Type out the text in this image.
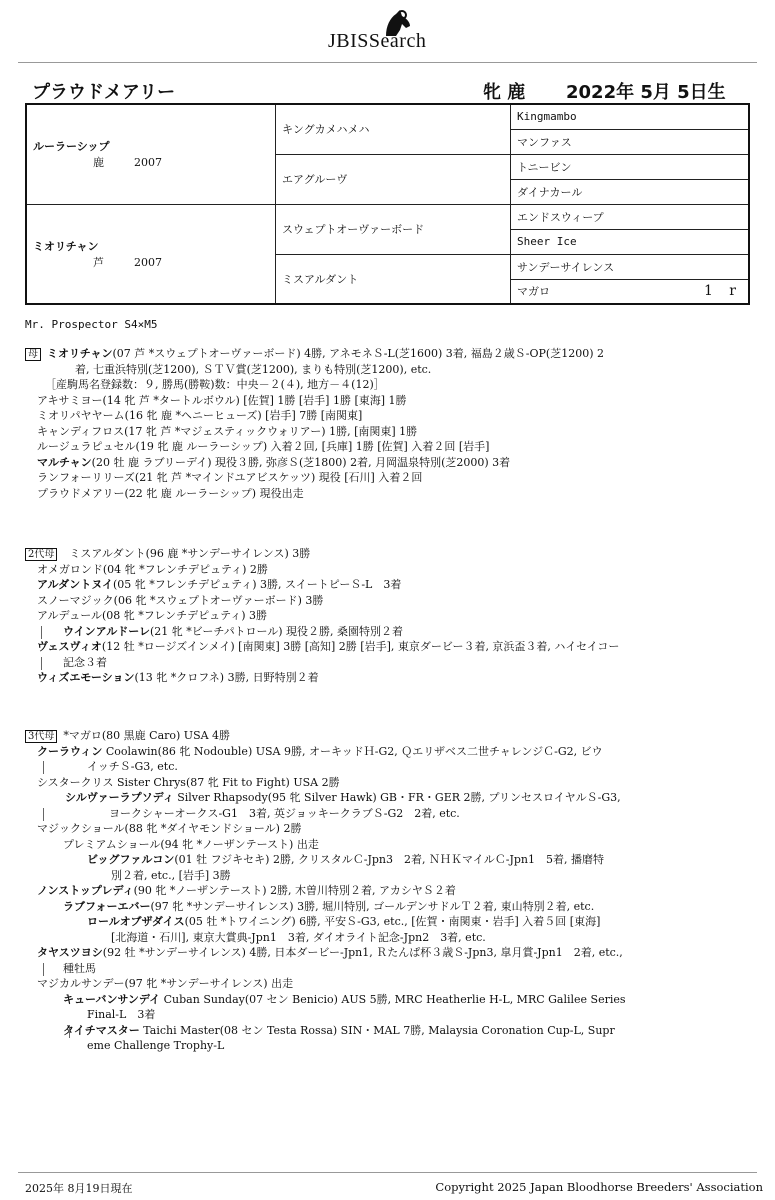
JBISSearch
プラウドメアリー	牝 鹿 2022年 5月 5日生
ルーラーシップ
鹿 2007	キングカメハメハ	Kingmambo
		マンファス
	エアグルーヴ	トニービン
		ダイナカール

ミオリチャン
芦 2007	スウェプトオーヴァーボード	エンドスウィープ
		Sheer Ice
	ミスアルダント	サンデーサイレンス
		マガロ 1 r
Mr. Prospector S4×M5
母 ミオリチャン(07 芦 *スウェプトオーヴァーボード) 4勝, アネモネＳ-L(芝1600) 3着, 福島２歳Ｓ-OP(芝1200) 2
着, 七重浜特別(芝1200), ＳＴＶ賞(芝1200), まりも特別(芝1200), etc.
［産駒馬名登録数：９, 勝馬(勝鞍)数：中央－２(４), 地方－４(12)］
アキサミヨー(14 牝 芦 *タートルボウル) [佐賀] 1勝 [岩手] 1勝 [東海] 1勝
ミオリパヤヤーム(16 牝 鹿 *ヘニーヒューズ) [岩手] 7勝 [南関東]
キャンディフロス(17 牝 芦 *マジェスティックウォリアー) 1勝, [南関東] 1勝
ルージュラピュセル(19 牝 鹿 ルーラーシップ) 入着２回, [兵庫] 1勝 [佐賀] 入着２回 [岩手]
マルチャン(20 牡 鹿 ラブリーデイ) 現役３勝, 弥彦Ｓ(芝1800) 2着, 月岡温泉特別(芝2000) 3着
ランフォーリリーズ(21 牝 芦 *マインドユアビスケッツ) 現役 [石川] 入着２回
プラウドメアリー(22 牝 鹿 ルーラーシップ) 現役出走
2代母 ミスアルダント(96 鹿 *サンデーサイレンス) 3勝
オメガロンド(04 牝 *フレンチデピュティ) 2勝
アルダントヌイ(05 牝 *フレンチデピュティ) 3勝, スイートピーＳ-L　3着
スノーマジック(06 牝 *スウェプトオーヴァーボード) 3勝
アルデュール(08 牝 *フレンチデピュティ) 3勝
ウインアルドーレ(21 牝 *ビーチパトロール) 現役２勝, 桑園特別２着
ヴェスヴィオ(12 牡 *ロージズインメイ) [南関東] 3勝 [高知] 2勝 [岩手], 東京ダービー３着, 京浜盃３着, ハイセイコー
記念３着
ウィズエモーション(13 牝 *クロフネ) 3勝, 日野特別２着
3代母 *マガロ(80 黒鹿 Caro) USA 4勝
クーラウィン Coolawin(86 牝 Nodouble) USA 9勝, オーキッドＨ-G2, Ｑエリザベス二世チャレンジＣ-G2, ビウ
イッチＳ-G3, etc.
シスタークリス Sister Chrys(87 牝 Fit to Fight) USA 2勝
シルヴァーラプソディ Silver Rhapsody(95 牝 Silver Hawk) GB・FR・GER 2勝, プリンセスロイヤルＳ-G3,
ヨークシャーオークス-G1　3着, 英ジョッキークラブＳ-G2　2着, etc.
マジックショール(88 牝 *ダイヤモンドショール) 2勝
プレミアムショール(94 牝 *ノーザンテースト) 出走
ビッグファルコン(01 牡 フジキセキ) 2勝, クリスタルＣ-Jpn3　2着, ＮＨＫマイルＣ-Jpn1　5着, 播磨特
別２着, etc., [岩手] 3勝
ノンストップレディ(90 牝 *ノーザンテースト) 2勝, 木曽川特別２着, アカシヤＳ２着
ラブフォーエバー(97 牝 *サンデーサイレンス) 3勝, 堀川特別, ゴールデンサドルＴ２着, 東山特別２着, etc.
ロールオブザダイス(05 牡 *トワイニング) 6勝, 平安Ｓ-G3, etc., [佐賀・南関東・岩手] 入着５回 [東海]
[北海道・石川], 東京大賞典-Jpn1　3着, ダイオライト記念-Jpn2　3着, etc.
タヤスツヨシ(92 牡 *サンデーサイレンス) 4勝, 日本ダービー-Jpn1, Ｒたんぱ杯３歳Ｓ-Jpn3, 皐月賞-Jpn1　2着, etc.,
種牡馬
マジカルサンデー(97 牝 *サンデーサイレンス) 出走
キューバンサンデイ Cuban Sunday(07 セン Benicio) AUS 5勝, MRC Heatherlie H-L, MRC Galilee Series
Final-L　3着
タイチマスター Taichi Master(08 セン Testa Rossa) SIN・MAL 7勝, Malaysia Coronation Cup-L, Supr
eme Challenge Trophy-L
2025年 8月19日現在	Copyright 2025 Japan Bloodhorse Breeders' Association
